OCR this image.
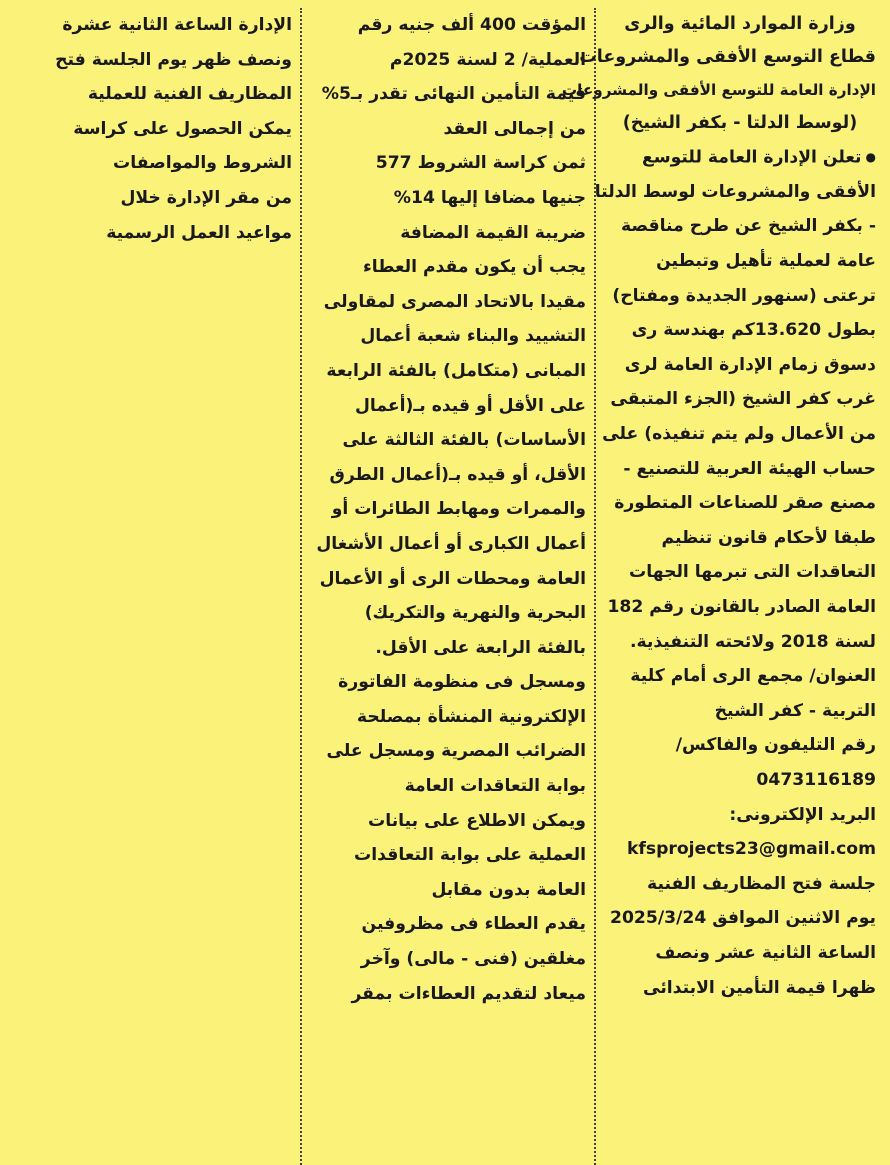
وزارة الموارد المائية والرى
قطاع التوسع الأفقى والمشروعات
الإدارة العامة للتوسع الأفقى والمشروعات
(لوسط الدلتا - بكفر الشيخ)
●تعلن الإدارة العامة للتوسع
الأفقى والمشروعات لوسط الدلتا
- بكفر الشيخ عن طرح مناقصة
عامة لعملية تأهيل وتبطين
ترعتى (سنهور الجديدة ومفتاح)
بطول 13.620كم بهندسة رى
دسوق زمام الإدارة العامة لرى
غرب كفر الشيخ (الجزء المتبقى
من الأعمال ولم يتم تنفيذه) على
حساب الهيئة العربية للتصنيع -
مصنع صقر للصناعات المتطورة
طبقا لأحكام قانون تنظيم
التعاقدات التى تبرمها الجهات
العامة الصادر بالقانون رقم 182
لسنة 2018 ولائحته التنفيذية.
العنوان/ مجمع الرى أمام كلية
التربية - كفر الشيخ
رقم التليفون والفاكس/
0473116189
البريد الإلكترونى:
kfsprojects23@gmail.com
جلسة فتح المظاريف الفنية
يوم الاثنين الموافق 2025/3/24
الساعة الثانية عشر ونصف
ظهرا قيمة التأمين الابتدائى
المؤقت 400 ألف جنيه رقم
العملية/ 2 لسنة 2025م
قيمة التأمين النهائى تقدر بـ5%
من إجمالى العقد
ثمن كراسة الشروط 577
جنيها مضافا إليها 14%
ضريبة القيمة المضافة
يجب أن يكون مقدم العطاء
مقيدا بالاتحاد المصرى لمقاولى
التشييد والبناء شعبة أعمال
المبانى (متكامل) بالفئة الرابعة
على الأقل أو قيده بـ(أعمال
الأساسات) بالفئة الثالثة على
الأقل، أو قيده بـ(أعمال الطرق
والممرات ومهابط الطائرات أو
أعمال الكبارى أو أعمال الأشغال
العامة ومحطات الرى أو الأعمال
البحرية والنهرية والتكريك)
بالفئة الرابعة على الأقل.
ومسجل فى منظومة الفاتورة
الإلكترونية المنشأة بمصلحة
الضرائب المصرية ومسجل على
بوابة التعاقدات العامة
ويمكن الاطلاع على بيانات
العملية على بوابة التعاقدات
العامة بدون مقابل
يقدم العطاء فى مظروفين
مغلقين (فنى - مالى) وآخر
ميعاد لتقديم العطاءات بمقر
الإدارة الساعة الثانية عشرة
ونصف ظهر يوم الجلسة فتح
المظاريف الفنية للعملية
يمكن الحصول على كراسة
الشروط والمواصفات
من مقر الإدارة خلال
مواعيد العمل الرسمية
